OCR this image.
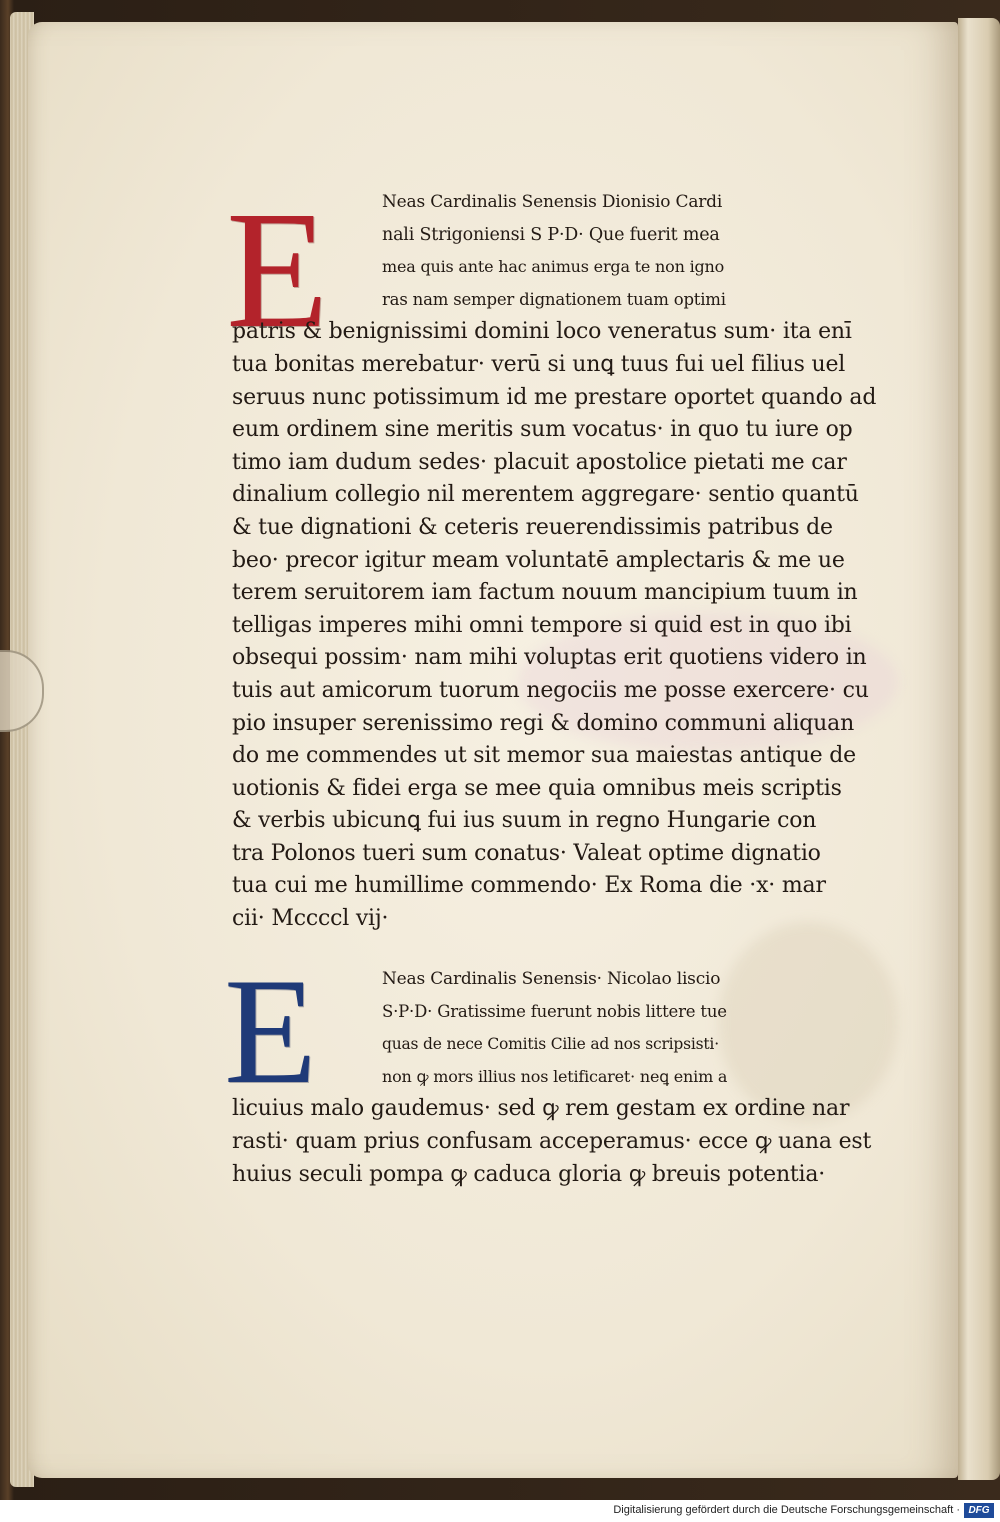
E	Neas Cardinalis Senensis Dionisio Cardi
nali Strigoniensi S P·D· Que fuerit mea
mea quis ante hac animus erga te non igno
ras nam semper dignationem tuam optimi
patris & benignissimi domini loco veneratus sum· ita enī
tua bonitas merebatur· verū si unꝗ tuus fui uel filius uel
seruus nunc potissimum id me prestare oportet quando ad
eum ordinem sine meritis sum vocatus· in quo tu iure op
timo iam dudum sedes· placuit apostolice pietati me car
dinalium collegio nil merentem aggregare· sentio quantū
& tue dignationi & ceteris reuerendissimis patribus de
beo· precor igitur meam voluntatē amplectaris & me ue
terem seruitorem iam factum nouum mancipium tuum in
telligas imperes mihi omni tempore si quid est in quo ibi
obsequi possim· nam mihi voluptas erit quotiens videro in
tuis aut amicorum tuorum negociis me posse exercere· cu
pio insuper serenissimo regi & domino communi aliquan
do me commendes ut sit memor sua maiestas antique de
uotionis & fidei erga se mee quia omnibus meis scriptis
& verbis ubicunꝗ fui ius suum in regno Hungarie con
tra Polonos tueri sum conatus· Valeat optime dignatio
tua cui me humillime commendo· Ex Roma die ·x· mar
cii· Mccccl vij·
E	Neas Cardinalis Senensis· Nicolao liscio
S·P·D· Gratissime fuerunt nobis littere tue
quas de nece Comitis Cilie ad nos scripsisti·
non ꝙ mors illius nos letificaret· neꝗ enim a
licuius malo gaudemus· sed ꝙ rem gestam ex ordine nar
rasti· quam prius confusam acceperamus· ecce ꝙ uana est
huius seculi pompa ꝙ caduca gloria ꝙ breuis potentia·
Digitalisierung gefördert durch die Deutsche Forschungsgemeinschaft · DFG
